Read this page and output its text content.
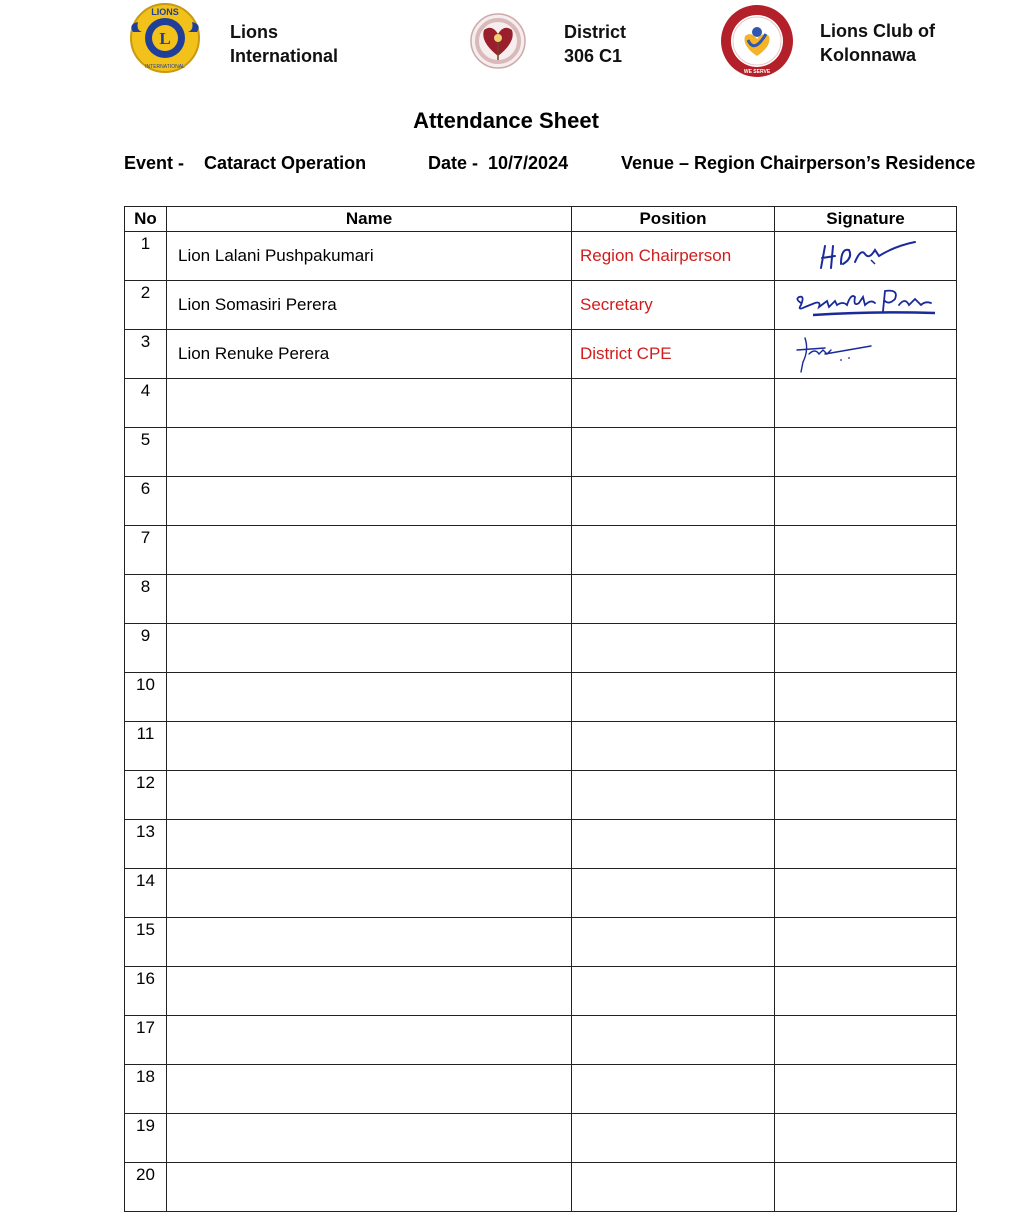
L
LIONS
INTERNATIONAL
Lions
International
District
306 C1
WE SERVE
Lions Club of
Kolonnawa
Attendance Sheet
Event -    Cataract Operation	Date -  10/7/2024	Venue – Region Chairperson’s Residence
No	Name	Position	Signature
1	Lion Lalani Pushpakumari	Region Chairperson	

2	Lion Somasiri Perera	Secretary	

3	Lion Renuke Perera	District CPE	

4			
5			
6			
7			
8			
9			
10			
11			
12			
13			
14			
15			
16			
17			
18			
19			
20			
